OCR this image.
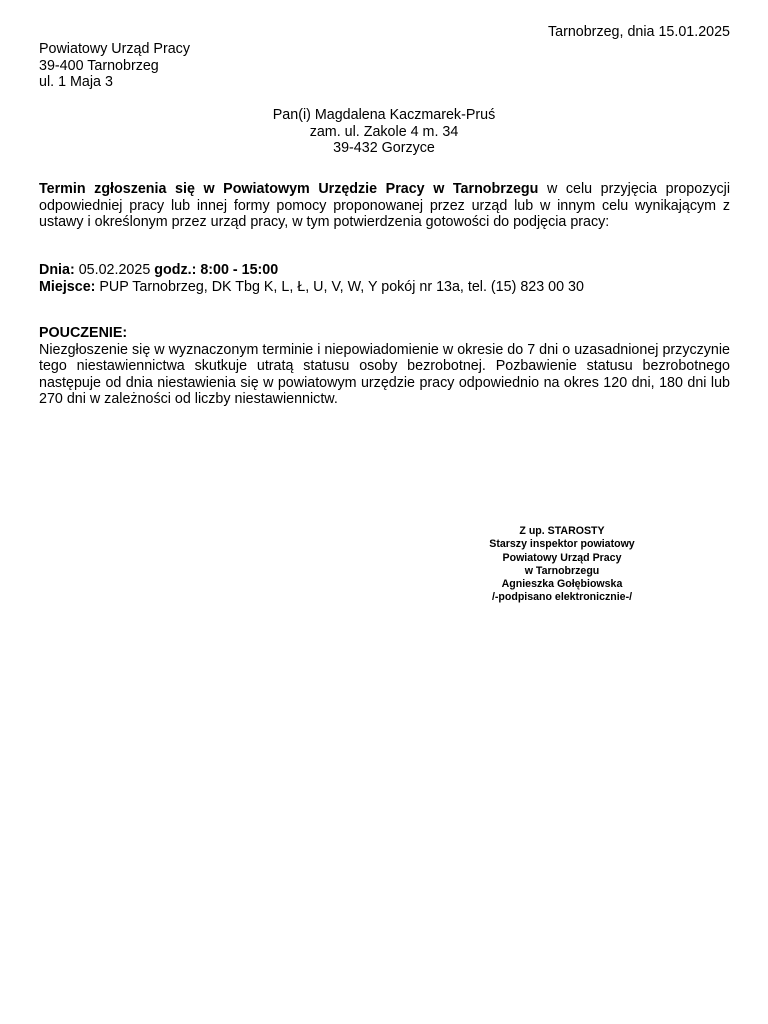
Tarnobrzeg, dnia 15.01.2025
Powiatowy Urząd Pracy
39-400 Tarnobrzeg
ul. 1 Maja 3
Pan(i) Magdalena Kaczmarek-Pruś
zam. ul. Zakole 4 m. 34
39-432 Gorzyce
Termin zgłoszenia się w Powiatowym Urzędzie Pracy w Tarnobrzegu w celu przyjęcia propozycji odpowiedniej pracy lub innej formy pomocy proponowanej przez urząd lub w innym celu wynikającym z ustawy i określonym przez urząd pracy, w tym potwierdzenia gotowości do podjęcia pracy:
Dnia: 05.02.2025 godz.: 8:00 - 15:00
Miejsce: PUP Tarnobrzeg, DK Tbg K, L, Ł, U, V, W, Y pokój nr 13a, tel. (15) 823 00 30
POUCZENIE:
Niezgłoszenie się w wyznaczonym terminie i niepowiadomienie w okresie do 7 dni o uzasadnionej przyczynie tego niestawiennictwa skutkuje utratą statusu osoby bezrobotnej. Pozbawienie statusu bezrobotnego następuje od dnia niestawienia się w powiatowym urzędzie pracy odpowiednio na okres 120 dni, 180 dni lub 270 dni w zależności od liczby niestawiennictw.
Z up. STAROSTY
Starszy inspektor powiatowy
Powiatowy Urząd Pracy
w Tarnobrzegu
Agnieszka Gołębiowska
/-podpisano elektronicznie-/
